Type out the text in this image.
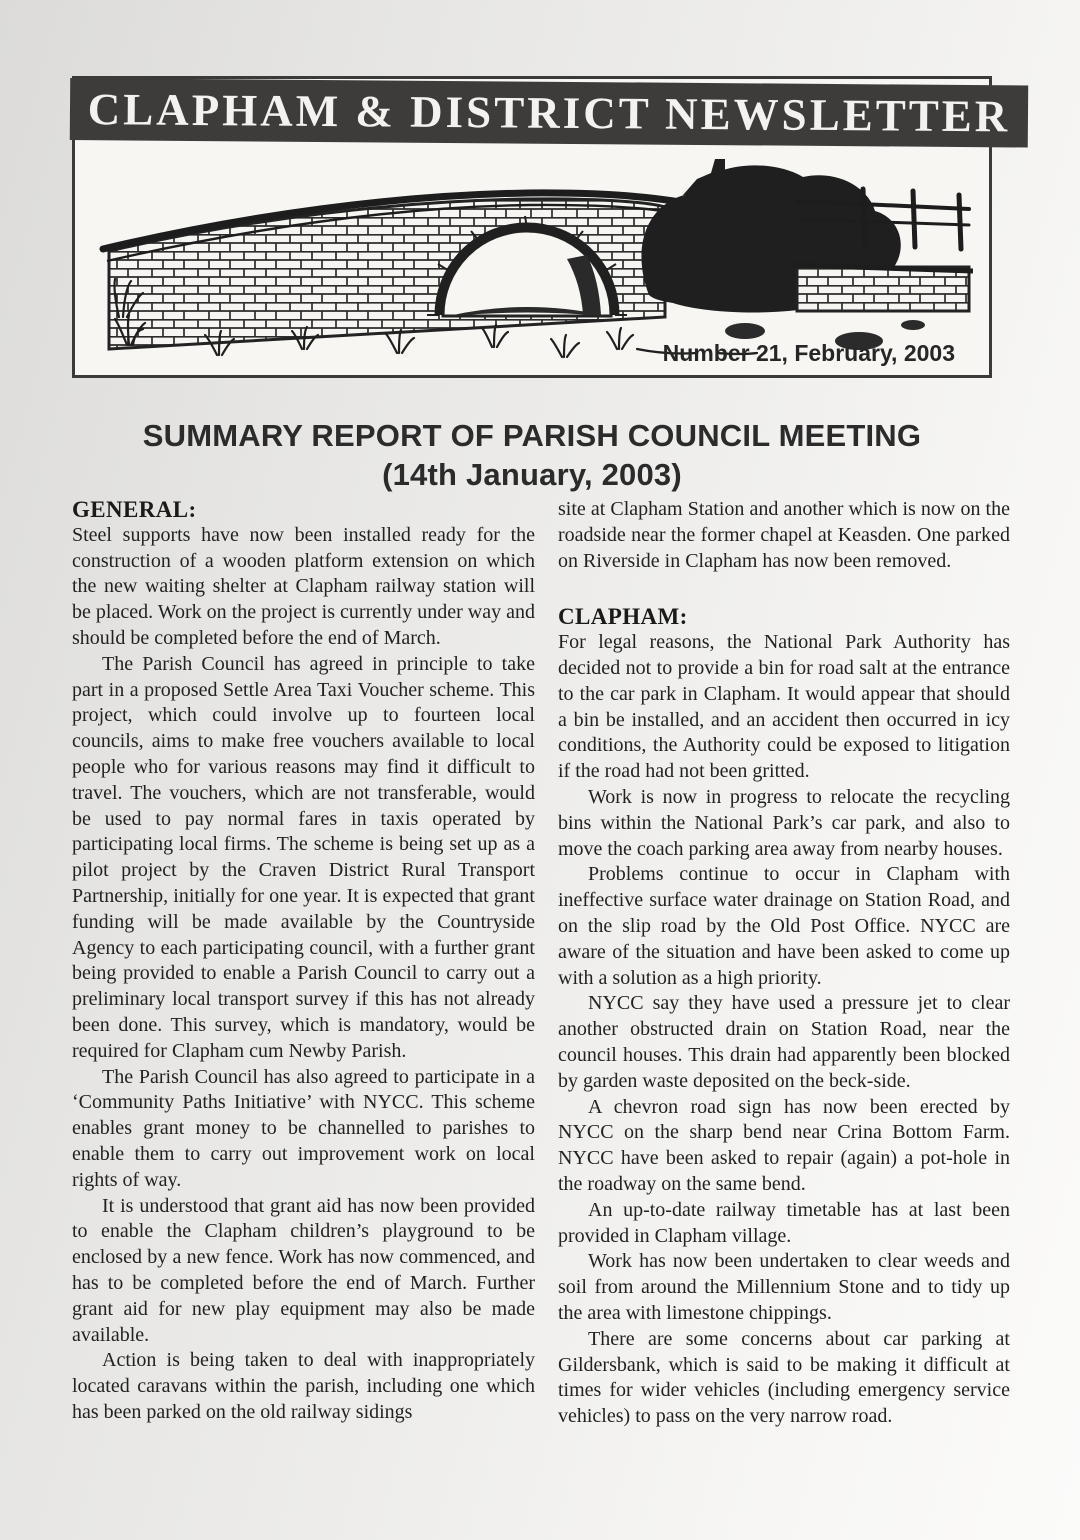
CLAPHAM & DISTRICT NEWSLETTER
Number 21, February, 2003
SUMMARY REPORT OF PARISH COUNCIL MEETING
(14th January, 2003)
GENERAL:

Steel supports have now been installed ready for the construction of a wooden platform extension on which the new waiting shelter at Clapham railway station will be placed. Work on the project is currently under way and should be completed before the end of March.

The Parish Council has agreed in principle to take part in a proposed Settle Area Taxi Voucher scheme. This project, which could involve up to fourteen local councils, aims to make free vouchers available to local people who for various reasons may find it difficult to travel. The vouchers, which are not transferable, would be used to pay normal fares in taxis operated by participating local firms. The scheme is being set up as a pilot project by the Craven District Rural Transport Partnership, initially for one year. It is expected that grant funding will be made available by the Countryside Agency to each participating council, with a further grant being provided to enable a Parish Council to carry out a preliminary local transport survey if this has not already been done. This survey, which is mandatory, would be required for Clapham cum Newby Parish.

The Parish Council has also agreed to participate in a ‘Community Paths Initiative’ with NYCC. This scheme enables grant money to be channelled to parishes to enable them to carry out improvement work on local rights of way.

It is understood that grant aid has now been provided to enable the Clapham children’s playground to be enclosed by a new fence. Work has now commenced, and has to be completed before the end of March. Further grant aid for new play equipment may also be made available.

Action is being taken to deal with inappropriately located caravans within the parish, including one which has been parked on the old railway sidings

site at Clapham Station and another which is now on the roadside near the former chapel at Keasden. One parked on Riverside in Clapham has now been removed.

CLAPHAM:

For legal reasons, the National Park Authority has decided not to provide a bin for road salt at the entrance to the car park in Clapham. It would appear that should a bin be installed, and an accident then occurred in icy conditions, the Authority could be exposed to litigation if the road had not been gritted.

Work is now in progress to relocate the recycling bins within the National Park’s car park, and also to move the coach parking area away from nearby houses.

Problems continue to occur in Clapham with ineffective surface water drainage on Station Road, and on the slip road by the Old Post Office. NYCC are aware of the situation and have been asked to come up with a solution as a high priority.

NYCC say they have used a pressure jet to clear another obstructed drain on Station Road, near the council houses. This drain had apparently been blocked by garden waste deposited on the beck-side.

A chevron road sign has now been erected by NYCC on the sharp bend near Crina Bottom Farm. NYCC have been asked to repair (again) a pot-hole in the roadway on the same bend.

An up-to-date railway timetable has at last been provided in Clapham village.

Work has now been undertaken to clear weeds and soil from around the Millennium Stone and to tidy up the area with limestone chippings.

There are some concerns about car parking at Gildersbank, which is said to be making it difficult at times for wider vehicles (including emergency service vehicles) to pass on the very narrow road.
